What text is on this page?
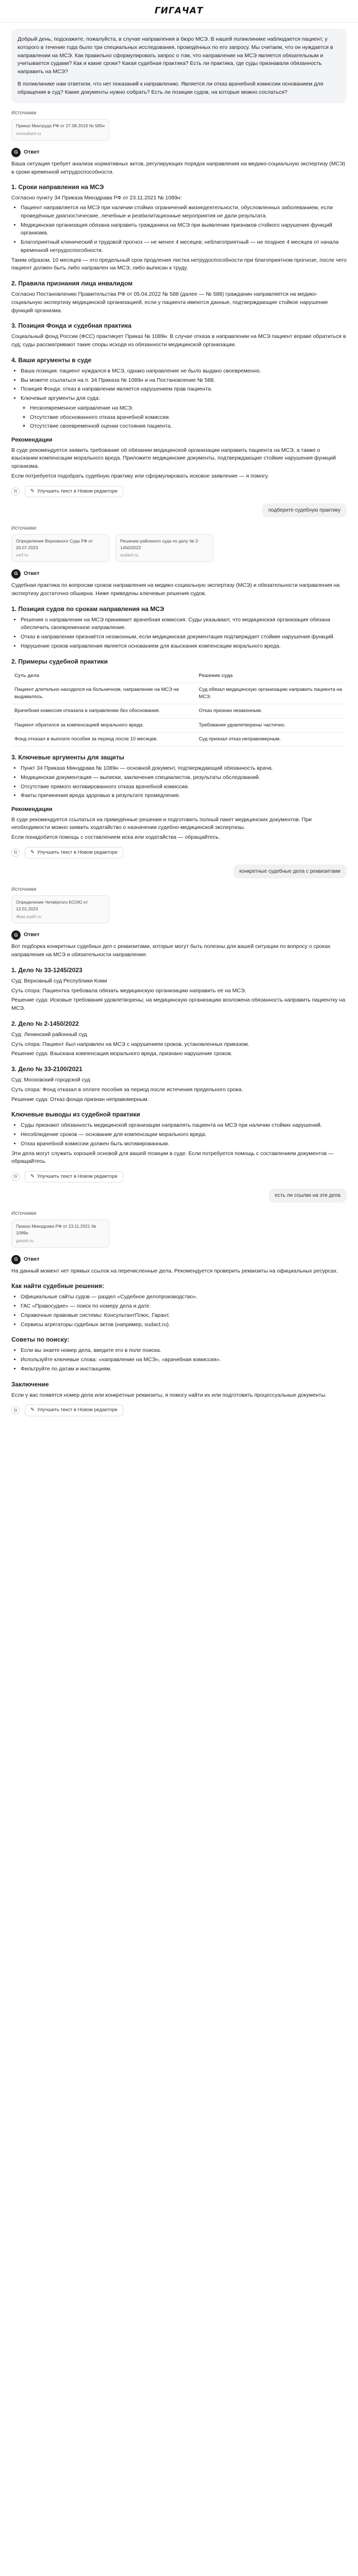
ГИГАЧАТ

Добрый день, подскажите, пожалуйста, в случае направления в бюро МСЭ. В нашей поликлинике наблюдается пациент, у которого в течение года было три специальных исследования, проведённых по его запросу. Мы считаем, что он нуждается в направлении на МСЭ. Как правильно сформулировать запрос о том, что направление на МСЭ является обязательным и учитывается судами? Как и какие сроки? Какая судебная практика? Есть ли практика, где суды признавали обязанность направить на МСЭ?

В поликлинике нам ответили, что нет показаний к направлению. Является ли отказ врачебной комиссии основанием для обращения в суд? Какие документы нужно собрать? Есть ли позиции судов, на которые можно сослаться?

Источники
Приказ Минтруда РФ от 27.08.2019 № 585н
consultant.ru
G	Ответ

Ваша ситуация требует анализа нормативных актов, регулирующих порядок направления на медико-социальную экспертизу (МСЭ) в сроки временной нетрудоспособности.

1. Сроки направления на МСЭ

Согласно пункту 34 Приказа Минздрава РФ от 23.11.2021 № 1089н:

• Пациент направляется на МСЭ при наличии стойких ограничений жизнедеятельности, обусловленных заболеванием, если проведённые диагностические, лечебные и реабилитационные мероприятия не дали результата.
• Медицинская организация обязана направить гражданина на МСЭ при выявлении признаков стойкого нарушения функций организма.
• Благоприятный клинический и трудовой прогноз — не менее 4 месяцев; неблагоприятный — не позднее 4 месяцев от начала временной нетрудоспособности.

Таким образом, 10 месяцев — это предельный срок продления листка нетрудоспособности при благоприятном прогнозе, после чего пациент должен быть либо направлен на МСЭ, либо выписан к труду.

2. Правила признания лица инвалидом

Согласно Постановлению Правительства РФ от 05.04.2022 № 588 (далее — № 588) гражданин направляется на медико-социальную экспертизу медицинской организацией, если у пациента имеются данные, подтверждающие стойкое нарушение функций организма.

3. Позиция Фонда и судебная практика

Социальный фонд России (ФСС) практикует Приказ № 1089н. В случае отказа в направлении на МСЭ пациент вправе обратиться в суд; суды рассматривают такие споры исходя из обязанности медицинской организации.

4. Ваши аргументы в суде
• Ваша позиция: пациент нуждался в МСЭ, однако направление не было выдано своевременно.
• Вы можете ссылаться на п. 34 Приказа № 1089н и на Постановление № 588.
• Позиция Фонда: отказ в направлении является нарушением прав пациента.
• Ключевые аргументы для суда:
◦ Несвоевременное направление на МСЭ.
◦ Отсутствие обоснованного отказа врачебной комиссии.
◦ Отсутствие своевременной оценки состояния пациента.
Рекомендации

В суде рекомендуется заявить требование об обязании медицинской организации направить пациента на МСЭ, а также о взыскании компенсации морального вреда. Приложите медицинские документы, подтверждающие стойкие нарушения функций организма.

Если потребуется подобрать судебную практику или сформулировать исковое заявление — я помогу.

⧉	✎ Улучшить текст в Новом редакторе
подберите судебную практику
Источники
Определение Верховного Суда РФ от 20.07.2023
vsrf.ru
Решение районного суда по делу № 2-1450/2022
sudact.ru
G	Ответ

Судебная практика по вопросам сроков направления на медико-социальную экспертизу (МСЭ) и обязательности направления на экспертизу достаточно обширна. Ниже приведены ключевые решения судов.

1. Позиция судов по срокам направления на МСЭ
• Решения о направлении на МСЭ принимает врачебная комиссия. Суды указывают, что медицинская организация обязана обеспечить своевременное направление.
• Отказ в направлении признаётся незаконным, если медицинская документация подтверждает стойкие нарушения функций.
• Нарушение сроков направления является основанием для взыскания компенсации морального вреда.
2. Примеры судебной практики
Суть дела	Решение суда
Пациент длительно находился на больничном, направление на МСЭ не выдавалось.	Суд обязал медицинскую организацию направить пациента на МСЭ.
Врачебная комиссия отказала в направлении без обоснования.	Отказ признан незаконным.
Пациент обратился за компенсацией морального вреда.	Требования удовлетворены частично.
Фонд отказал в выплате пособия за период после 10 месяцев.	Суд признал отказ неправомерным.
3. Ключевые аргументы для защиты
• Пункт 34 Приказа Минздрава № 1089н — основной документ, подтверждающий обязанность врача.
• Медицинская документация — выписки, заключения специалистов, результаты обследований.
• Отсутствие прямого мотивированного отказа врачебной комиссии.
• Факты причинения вреда здоровью в результате промедления.
Рекомендации

В суде рекомендуется ссылаться на приведённые решения и подготовить полный пакет медицинских документов. При необходимости можно заявить ходатайство о назначении судебно-медицинской экспертизы.

Если понадобится помощь с составлением иска или ходатайства — обращайтесь.

⧉	✎ Улучшить текст в Новом редакторе
конкретные судебные дела с реквизитами
Источники
Определение Четвёртого КСОЮ от 12.01.2023
4kas.sudrf.ru
G	Ответ

Вот подборка конкретных судебных дел с реквизитами, которые могут быть полезны для вашей ситуации по вопросу о сроках направления на МСЭ и обязательности направления:

1. Дело № 33-1245/2023

Суд: Верховный суд Республики Коми

Суть спора: Пациентка требовала обязать медицинскую организацию направить её на МСЭ.

Решение суда: Исковые требования удовлетворены; на медицинскую организацию возложена обязанность направить пациентку на МСЭ.

2. Дело № 2-1450/2022

Суд: Ленинский районный суд

Суть спора: Пациент был направлен на МСЭ с нарушением сроков, установленных приказом.

Решение суда: Взыскана компенсация морального вреда, признано нарушение сроков.

3. Дело № 33-2100/2021

Суд: Московский городской суд

Суть спора: Фонд отказал в оплате пособия за период после истечения предельного срока.

Решение суда: Отказ фонда признан неправомерным.

Ключевые выводы из судебной практики
• Суды признают обязанность медицинской организации направлять пациента на МСЭ при наличии стойких нарушений.
• Несоблюдение сроков — основание для компенсации морального вреда.
• Отказ врачебной комиссии должен быть мотивированным.

Эти дела могут служить хорошей основой для вашей позиции в суде. Если потребуется помощь с составлением документов — обращайтесь.

⧉	✎ Улучшить текст в Новом редакторе
есть ли ссылки на эти дела
Источники
Приказ Минздрава РФ от 23.11.2021 № 1089н
garant.ru
G	Ответ

На данный момент нет прямых ссылок на перечисленные дела. Рекомендуется проверить реквизиты на официальных ресурсах.

Как найти судебные решения:
• Официальные сайты судов — раздел «Судебное делопроизводство».
• ГАС «Правосудие» — поиск по номеру дела и дате.
• Справочные правовые системы: КонсультантПлюс, Гарант.
• Сервисы агрегаторы судебных актов (например, sudact.ru).
Советы по поиску:
• Если вы знаете номер дела, введите его в поле поиска.
• Используйте ключевые слова: «направление на МСЭ», «врачебная комиссия».
• Фильтруйте по датам и инстанциям.
Заключение

Если у вас появятся номер дела или конкретные реквизиты, я помогу найти их или подготовить процессуальные документы.

⧉	✎ Улучшить текст в Новом редакторе
